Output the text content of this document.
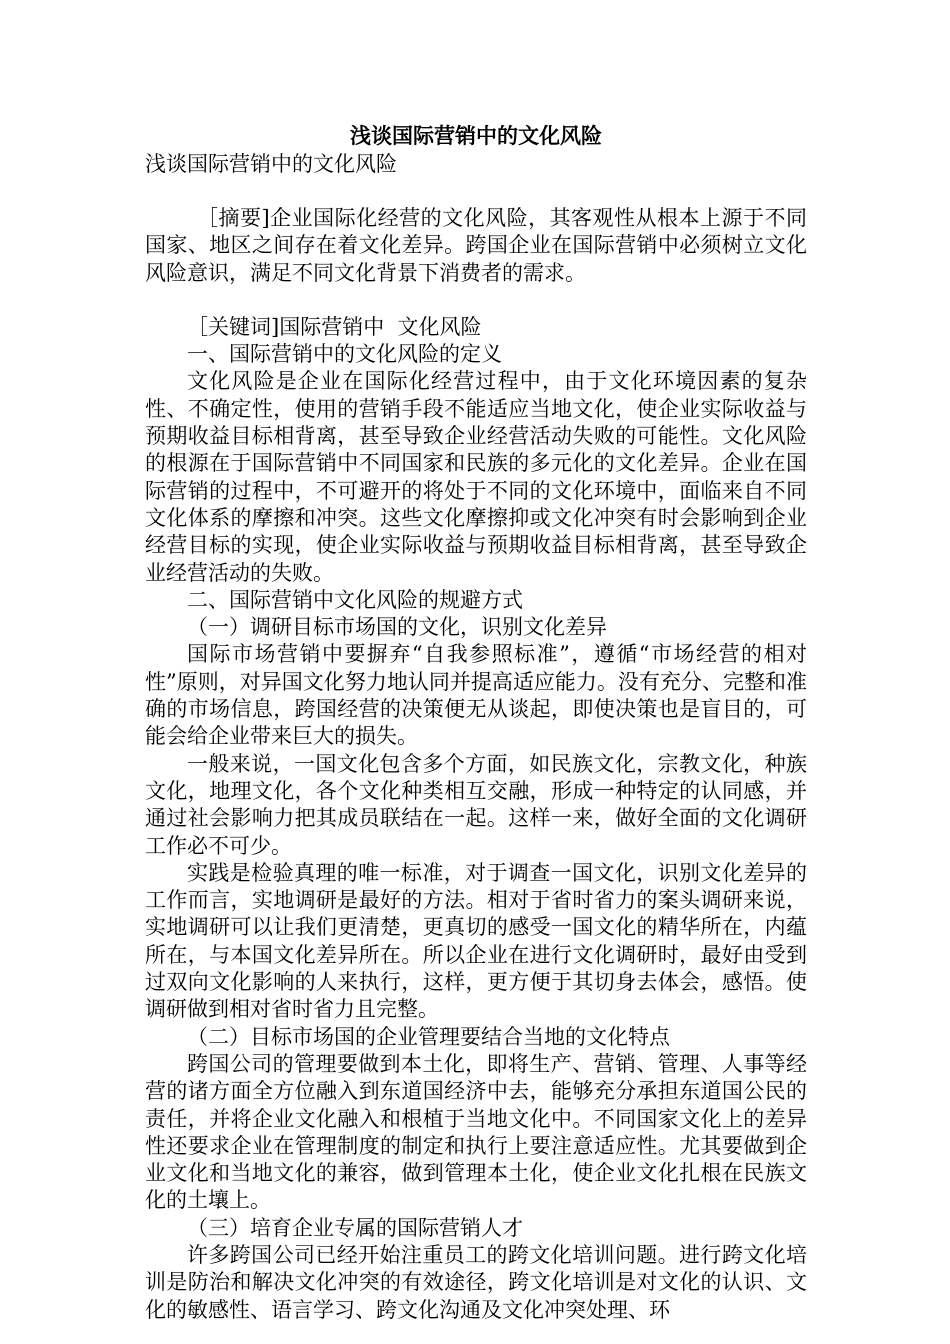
浅谈国际营销中的文化风险

浅谈国际营销中的文化风险

［摘要]企业国际化经营的文化风险，其客观性从根本上源于不同国家、地区之间存在着文化差异。跨国企业在国际营销中必须树立文化风险意识，满足不同文化背景下消费者的需求。

［关键词]国际营销中  文化风险

一、国际营销中的文化风险的定义

文化风险是企业在国际化经营过程中，由于文化环境因素的复杂性、不确定性，使用的营销手段不能适应当地文化，使企业实际收益与预期收益目标相背离，甚至导致企业经营活动失败的可能性。文化风险的根源在于国际营销中不同国家和民族的多元化的文化差异。企业在国际营销的过程中，不可避开的将处于不同的文化环境中，面临来自不同文化体系的摩擦和冲突。这些文化摩擦抑或文化冲突有时会影响到企业经营目标的实现，使企业实际收益与预期收益目标相背离，甚至导致企业经营活动的失败。

二、国际营销中文化风险的规避方式

（一）调研目标市场国的文化，识别文化差异

国际市场营销中要摒弃“自我参照标准”，遵循“市场经营的相对性”原则，对异国文化努力地认同并提高适应能力。没有充分、完整和准确的市场信息，跨国经营的决策便无从谈起，即使决策也是盲目的，可能会给企业带来巨大的损失。

一般来说，一国文化包含多个方面，如民族文化，宗教文化，种族文化，地理文化，各个文化种类相互交融，形成一种特定的认同感，并通过社会影响力把其成员联结在一起。这样一来，做好全面的文化调研工作必不可少。

实践是检验真理的唯一标准，对于调查一国文化，识别文化差异的工作而言，实地调研是最好的方法。相对于省时省力的案头调研来说，实地调研可以让我们更清楚，更真切的感受一国文化的精华所在，内蕴所在，与本国文化差异所在。所以企业在进行文化调研时，最好由受到过双向文化影响的人来执行，这样，更方便于其切身去体会，感悟。使调研做到相对省时省力且完整。

（二）目标市场国的企业管理要结合当地的文化特点

跨国公司的管理要做到本土化，即将生产、营销、管理、人事等经营的诸方面全方位融入到东道国经济中去，能够充分承担东道国公民的责任，并将企业文化融入和根植于当地文化中。不同国家文化上的差异性还要求企业在管理制度的制定和执行上要注意适应性。尤其要做到企业文化和当地文化的兼容，做到管理本土化，使企业文化扎根在民族文化的土壤上。

（三）培育企业专属的国际营销人才

许多跨国公司已经开始注重员工的跨文化培训问题。进行跨文化培训是防治和解决文化冲突的有效途径，跨文化培训是对文化的认识、文化的敏感性、语言学习、跨文化沟通及文化冲突处理、环
